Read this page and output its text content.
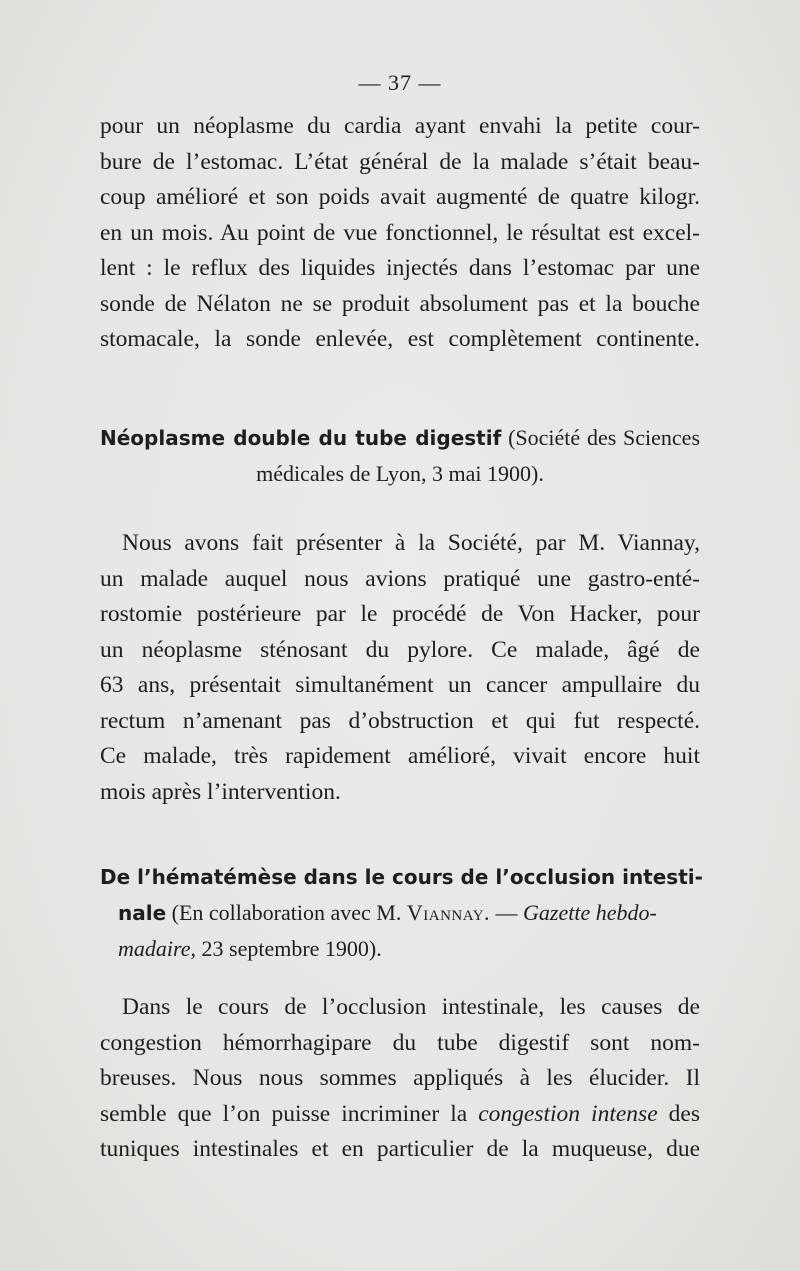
— 37 —
pour un néoplasme du cardia ayant envahi la petite cour-
bure de l’estomac. L’état général de la malade s’était beau-
coup amélioré et son poids avait augmenté de quatre kilogr.
en un mois. Au point de vue fonctionnel, le résultat est excel-
lent : le reflux des liquides injectés dans l’estomac par une
sonde de Nélaton ne se produit absolument pas et la bouche
stomacale, la sonde enlevée, est complètement continente.
Néoplasme double du tube digestif (Société des Sciences
médicales de Lyon, 3 mai 1900).
Nous avons fait présenter à la Société, par M. Viannay,
un malade auquel nous avions pratiqué une gastro-enté-
rostomie postérieure par le procédé de Von Hacker, pour
un néoplasme sténosant du pylore. Ce malade, âgé de
63 ans, présentait simultanément un cancer ampullaire du
rectum n’amenant pas d’obstruction et qui fut respecté.
Ce malade, très rapidement amélioré, vivait encore huit
mois après l’intervention.
De l’hématémèse dans le cours de l’occlusion intesti-
nale (En collaboration avec M. Viannay. — Gazette hebdo-
madaire, 23 septembre 1900).
Dans le cours de l’occlusion intestinale, les causes de
congestion hémorrhagipare du tube digestif sont nom-
breuses. Nous nous sommes appliqués à les élucider. Il
semble que l’on puisse incriminer la congestion intense des
tuniques intestinales et en particulier de la muqueuse, due
